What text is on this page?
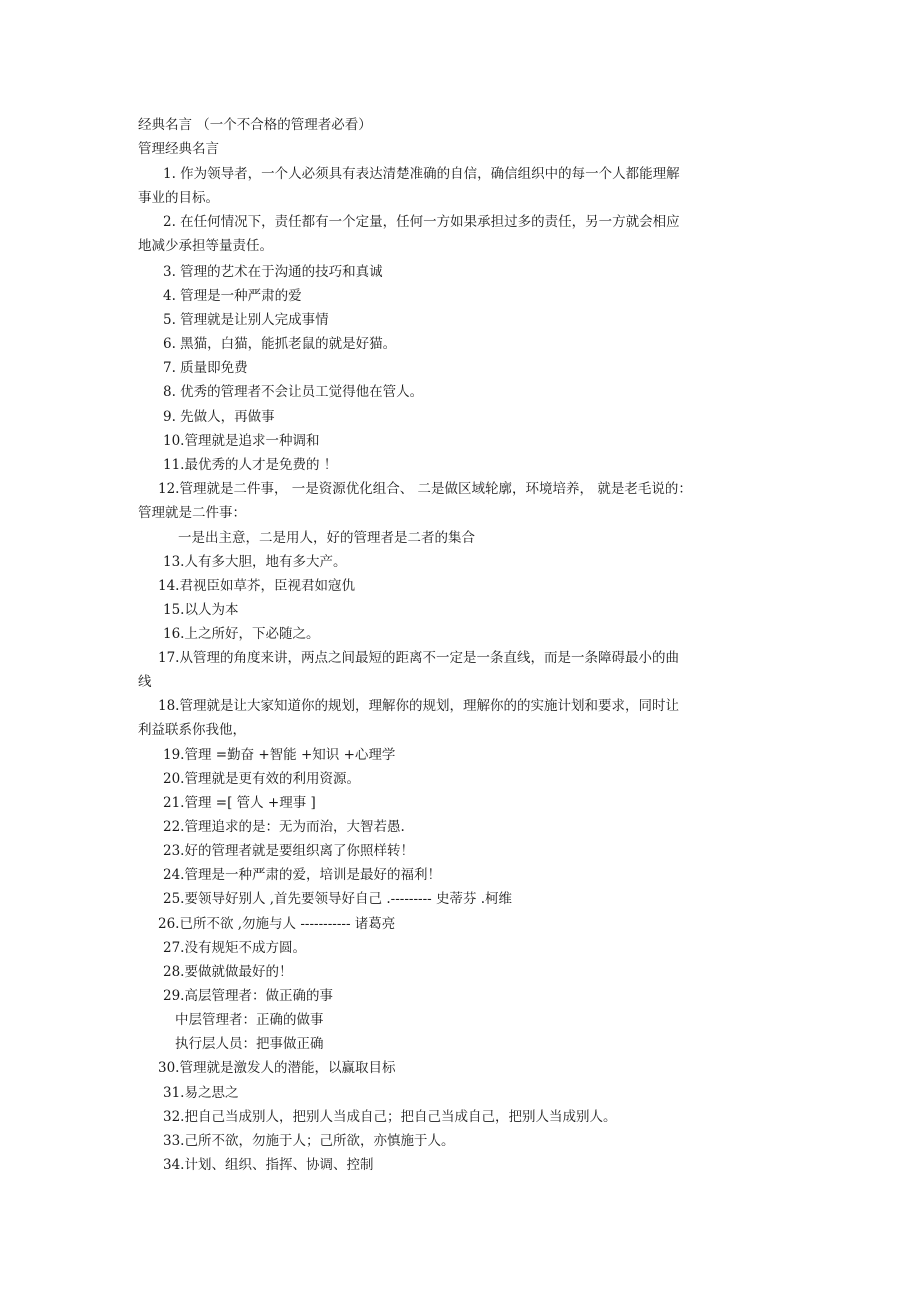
经典名言 （一个不合格的管理者必看）
管理经典名言
1. 作为领导者，一个人必须具有表达清楚准确的自信，确信组织中的每一个人都能理解
事业的目标。
2. 在任何情况下，责任都有一个定量，任何一方如果承担过多的责任，另一方就会相应
地减少承担等量责任。
3. 管理的艺术在于沟通的技巧和真诚
4. 管理是一种严肃的爱
5. 管理就是让别人完成事情
6. 黑猫，白猫，能抓老鼠的就是好猫。
7. 质量即免费
8. 优秀的管理者不会让员工觉得他在管人。
9. 先做人，再做事
10.管理就是追求一种调和
11.最优秀的人才是免费的 ！
12.管理就是二件事， 一是资源优化组合、 二是做区域轮廓，环境培养， 就是老毛说的：
管理就是二件事：
一是出主意，二是用人，好的管理者是二者的集合
13.人有多大胆，地有多大产。
14.君视臣如草芥，臣视君如寇仇
15.以人为本
16.上之所好，下必随之。
17.从管理的角度来讲，两点之间最短的距离不一定是一条直线，而是一条障碍最小的曲
线
18.管理就是让大家知道你的规划，理解你的规划，理解你的的实施计划和要求，同时让
利益联系你我他，
19.管理 =勤奋 +智能 +知识 +心理学
20.管理就是更有效的利用资源。
21.管理 =[ 管人 +理事 ]
22.管理追求的是：无为而治，大智若愚.
23.好的管理者就是要组织离了你照样转！
24.管理是一种严肃的爱，培训是最好的福利！
25.要领导好别人 ,首先要领导好自己 .--------- 史蒂芬 .柯维
26.已所不欲 ,勿施与人 ----------- 诸葛亮
27.没有规矩不成方圆。
28.要做就做最好的！
29.高层管理者：做正确的事
中层管理者：正确的做事
执行层人员：把事做正确
30.管理就是激发人的潜能，以赢取目标
31.易之思之
32.把自己当成别人，把别人当成自己；把自己当成自己，把别人当成别人。
33.己所不欲，勿施于人；己所欲，亦慎施于人。
34.计划、组织、指挥、协调、控制
